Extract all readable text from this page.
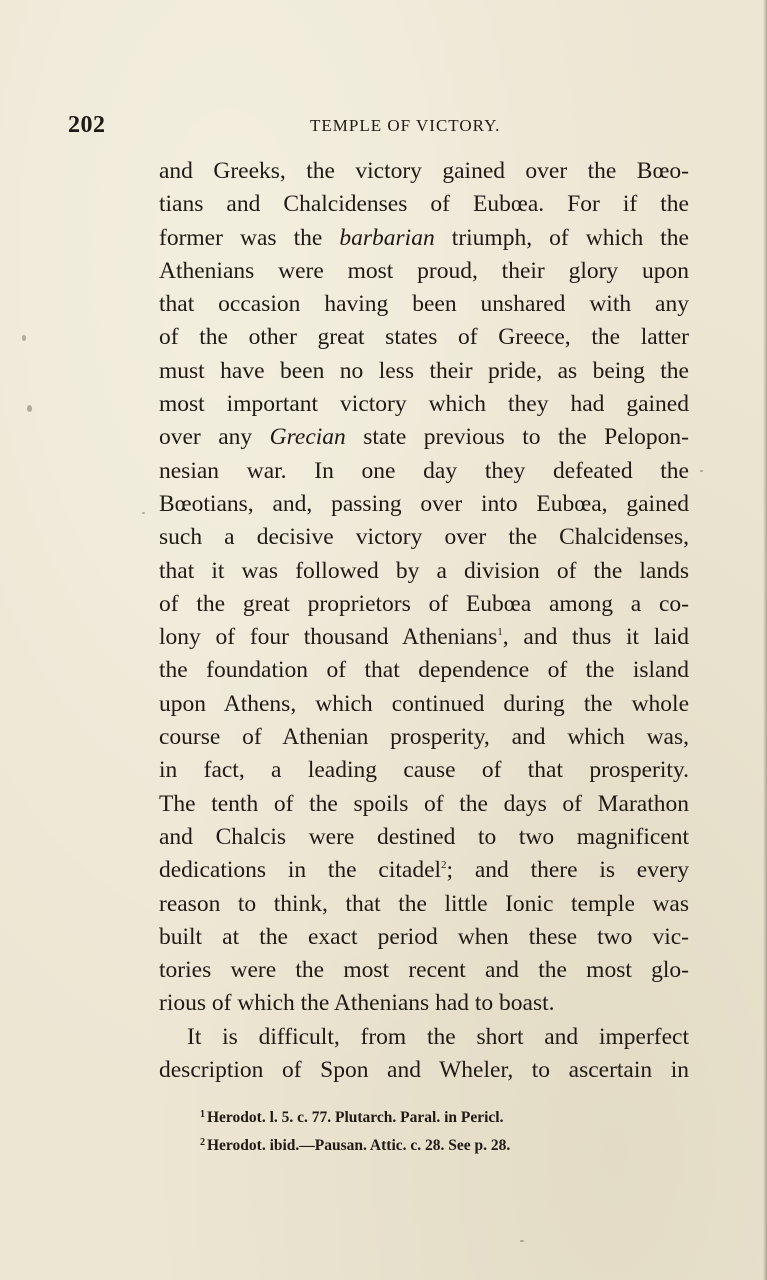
202	TEMPLE OF VICTORY.
and Greeks, the victory gained over the Bœo-
tians and Chalcidenses of Eubœa. For if the
former was the barbarian triumph, of which the
Athenians were most proud, their glory upon
that occasion having been unshared with any
of the other great states of Greece, the latter
must have been no less their pride, as being the
most important victory which they had gained
over any Grecian state previous to the Pelopon-
nesian war. In one day they defeated the
Bœotians, and, passing over into Eubœa, gained
such a decisive victory over the Chalcidenses,
that it was followed by a division of the lands
of the great proprietors of Eubœa among a co-
lony of four thousand Athenians$^1$, and thus it laid
the foundation of that dependence of the island
upon Athens, which continued during the whole
course of Athenian prosperity, and which was,
in fact, a leading cause of that prosperity.
The tenth of the spoils of the days of Marathon
and Chalcis were destined to two magnificent
dedications in the citadel$^2$; and there is every
reason to think, that the little Ionic temple was
built at the exact period when these two vic-
tories were the most recent and the most glo-
rious of which the Athenians had to boast.
It is difficult, from the short and imperfect
description of Spon and Wheler, to ascertain in
$^1$ Herodot. l. 5. c. 77. Plutarch. Paral. in Pericl.
$^2$ Herodot. ibid.—Pausan. Attic. c. 28. See p. 28.
